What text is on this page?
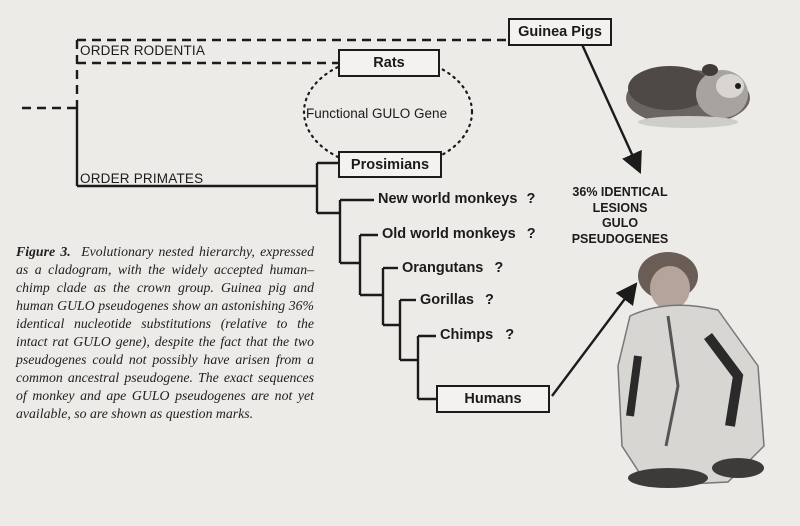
ORDER RODENTIA
ORDER PRIMATES
Guinea Pigs
Rats
Prosimians
Humans
Functional GULO Gene
New world monkeys ?
Old world monkeys ?
Orangutans ?
Gorillas ?
Chimps ?
36% IDENTICAL
LESIONS
GULO
PSEUDOGENES
Figure 3. Evolutionary nested hierarchy, expressed as a cladogram, with the widely accepted human–chimp clade as the crown group. Guinea pig and human GULO pseudogenes show an astonishing 36% identical nucleotide substitutions (relative to the intact rat GULO gene), despite the fact that the two pseudogenes could not possibly have arisen from a common ancestral pseudogene. The exact sequences of monkey and ape GULO pseudogenes are not yet available, so are shown as question marks.
